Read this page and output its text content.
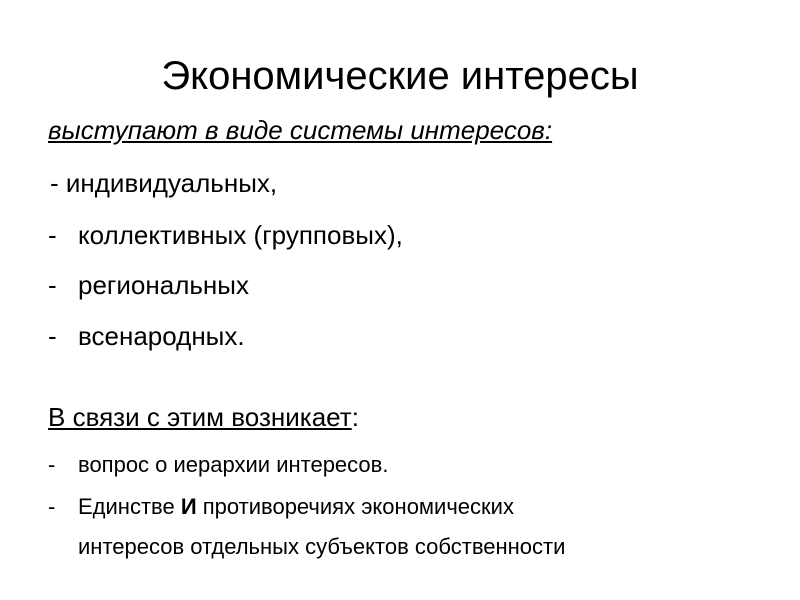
Экономические интересы

выступают в виде системы интересов:

- индивидуальных,

- коллективных (групповых),

- региональных

- всенародных.

В связи с этим возникает:

- вопрос о иерархии интересов.

- Единстве И противоречиях экономических

интересов отдельных субъектов собственности
